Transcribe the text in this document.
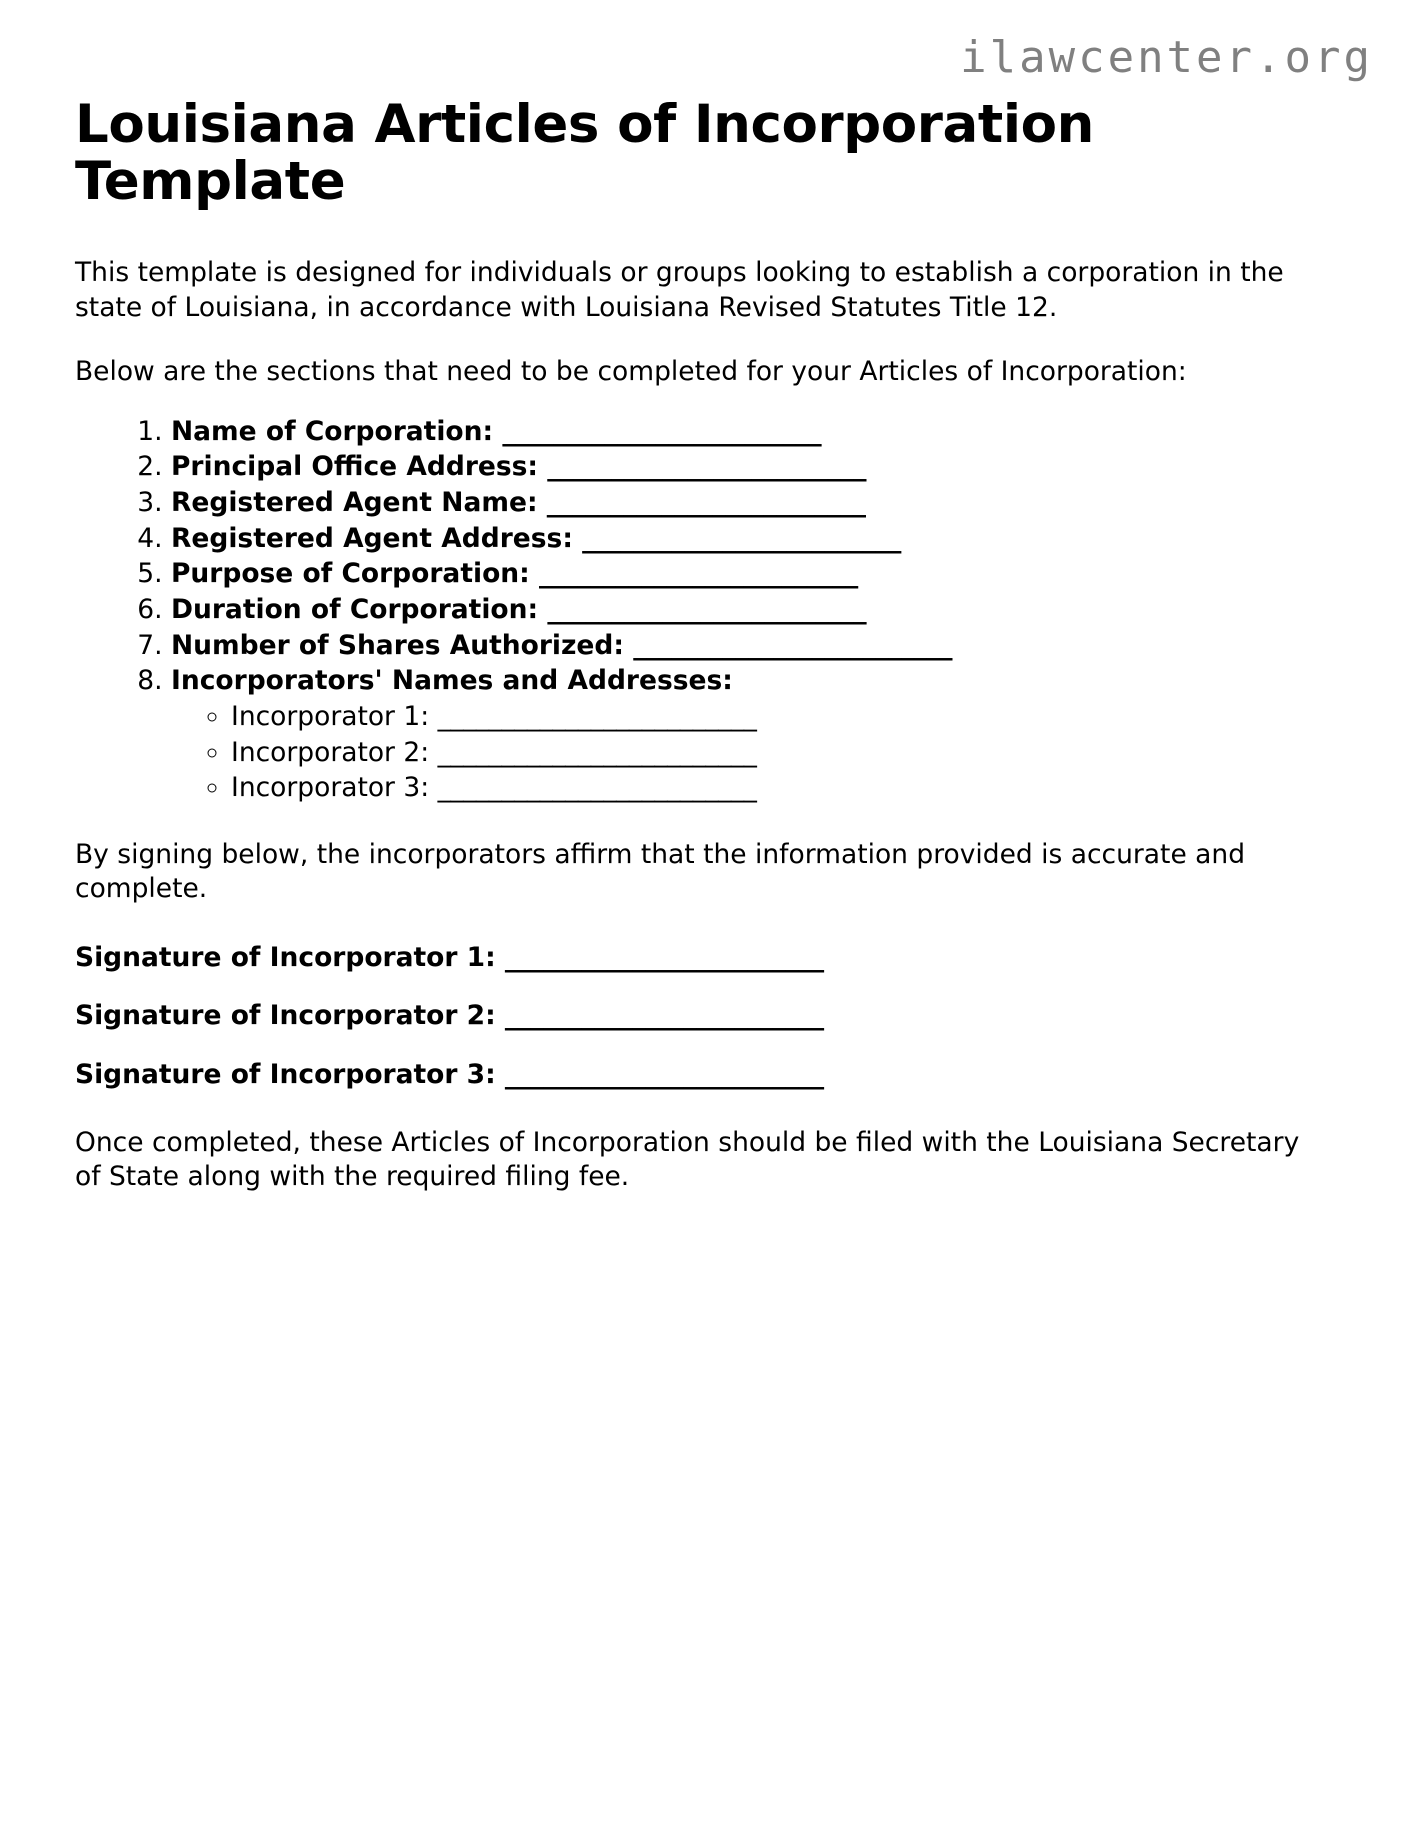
ilawcenter.org
Louisiana Articles of Incorporation Template

This template is designed for individuals or groups looking to establish a corporation in the state of Louisiana, in accordance with Louisiana Revised Statutes Title 12.

Below are the sections that need to be completed for your Articles of Incorporation:

1. Name of Corporation: _________________________
2. Principal Office Address: _________________________
3. Registered Agent Name: _________________________
4. Registered Agent Address: _________________________
5. Purpose of Corporation: _________________________
6. Duration of Corporation: _________________________
7. Number of Shares Authorized: _________________________
8. Incorporators' Names and Addresses:
◦ Incorporator 1: _________________________
◦ Incorporator 2: _________________________
◦ Incorporator 3: _________________________

By signing below, the incorporators affirm that the information provided is accurate and complete.

Signature of Incorporator 1: _________________________

Signature of Incorporator 2: _________________________

Signature of Incorporator 3: _________________________

Once completed, these Articles of Incorporation should be filed with the Louisiana Secretary of State along with the required filing fee.
